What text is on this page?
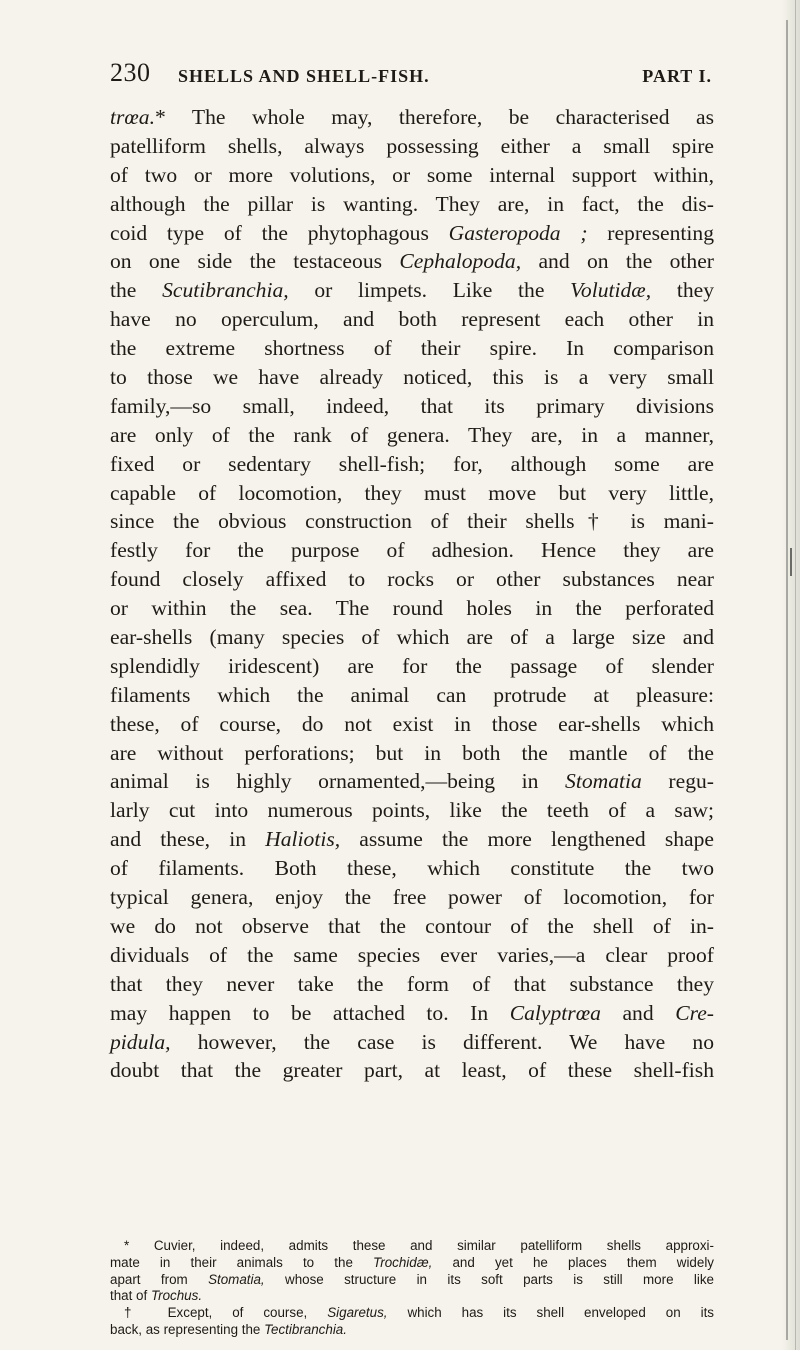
230 SHELLS AND SHELL-FISH.	PART I.
trœa.* The whole may, therefore, be characterised as
patelliform shells, always possessing either a small spire
of two or more volutions, or some internal support within,
although the pillar is wanting. They are, in fact, the dis-
coid type of the phytophagous Gasteropoda ; representing
on one side the testaceous Cephalopoda, and on the other
the Scutibranchia, or limpets. Like the Volutidæ, they
have no operculum, and both represent each other in
the extreme shortness of their spire. In comparison
to those we have already noticed, this is a very small
family,—so small, indeed, that its primary divisions
are only of the rank of genera. They are, in a manner,
fixed or sedentary shell-fish; for, although some are
capable of locomotion, they must move but very little,
since the obvious construction of their shells† is mani-
festly for the purpose of adhesion. Hence they are
found closely affixed to rocks or other substances near
or within the sea. The round holes in the perforated
ear-shells (many species of which are of a large size and
splendidly iridescent) are for the passage of slender
filaments which the animal can protrude at pleasure:
these, of course, do not exist in those ear-shells which
are without perforations; but in both the mantle of the
animal is highly ornamented,—being in Stomatia regu-
larly cut into numerous points, like the teeth of a saw;
and these, in Haliotis, assume the more lengthened shape
of filaments. Both these, which constitute the two
typical genera, enjoy the free power of locomotion, for
we do not observe that the contour of the shell of in-
dividuals of the same species ever varies,—a clear proof
that they never take the form of that substance they
may happen to be attached to. In Calyptrœa and Cre-
pidula, however, the case is different. We have no
doubt that the greater part, at least, of these shell-fish
* Cuvier, indeed, admits these and similar patelliform shells approxi-
mate in their animals to the Trochidæ, and yet he places them widely
apart from Stomatia, whose structure in its soft parts is still more like
that of Trochus.
† Except, of course, Sigaretus, which has its shell enveloped on its
back, as representing the Tectibranchia.
